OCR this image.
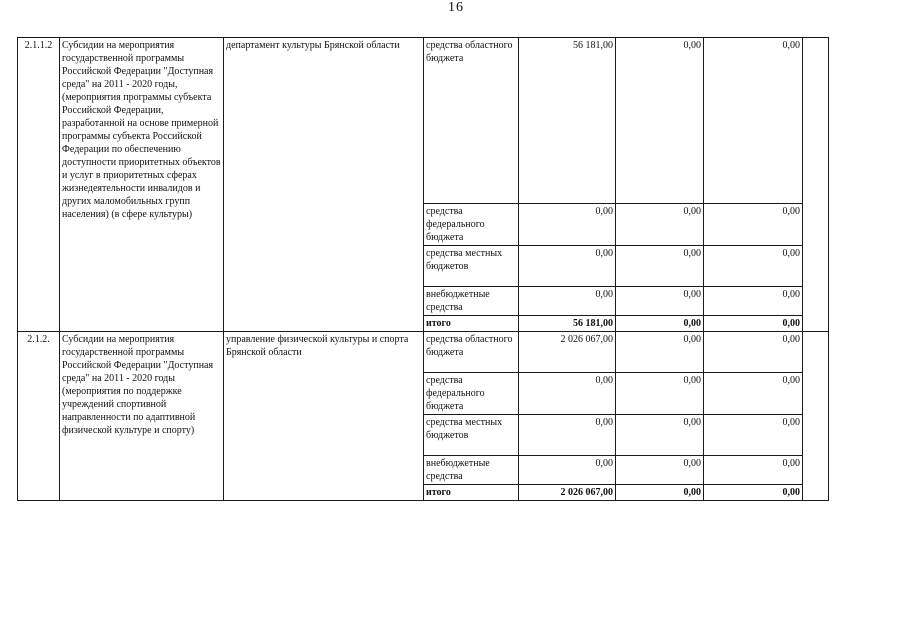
16
2.1.1.2	Субсидии на мероприятия государственной программы Российской Федерации "Доступная среда" на 2011 - 2020 годы, (мероприятия программы субъекта Российской Федерации, разработанной на основе примерной программы субъекта Российской Федерации по обеспечению доступности приоритетных объектов и услуг в приоритетных сферах жизнедеятельности инвалидов и других маломобильных групп населения) (в сфере культуры)	департамент культуры Брянской области	средства областного бюджета	56 181,00	0,00	0,00	
			средства федерального бюджета	0,00	0,00	0,00	
			средства местных бюджетов	0,00	0,00	0,00	
			внебюджетные средства	0,00	0,00	0,00	
			итого	56 181,00	0,00	0,00	
2.1.2.	Субсидии на мероприятия государственной программы Российской Федерации "Доступная среда" на 2011 - 2020 годы (мероприятия по поддержке учреждений спортивной направленности по адаптивной физической культуре и спорту)	управление физической культуры и спорта Брянской области	средства областного бюджета	2 026 067,00	0,00	0,00	
			средства федерального бюджета	0,00	0,00	0,00	
			средства местных бюджетов	0,00	0,00	0,00	
			внебюджетные средства	0,00	0,00	0,00	
			итого	2 026 067,00	0,00	0,00	
